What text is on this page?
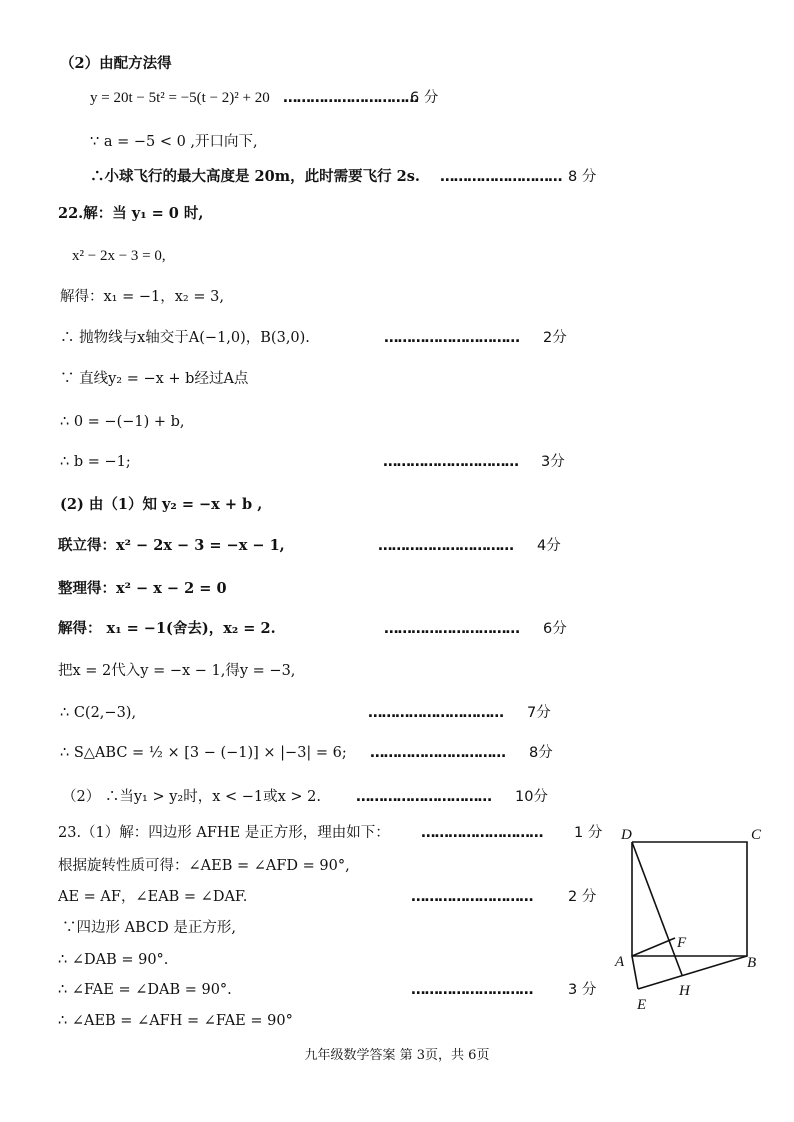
（2）由配方法得
y = 20t − 5t² = −5(t − 2)² + 20
∵ a = −5 < 0 ,开口向下,
∴小球飞行的最大高度是 20m，此时需要飞行 2s.
22.解：当 y₁ = 0 时,
x² − 2x − 3 = 0,
解得：x₁ = −1，x₂ = 3,
∴ 抛物线与x轴交于A(−1,0)，B(3,0).
∵ 直线y₂ = −x + b经过A点
∴ 0 = −(−1) + b,
∴ b = −1;
(2) 由（1）知 y₂ = −x + b ,
联立得：x² − 2x − 3 = −x − 1,
整理得：x² − x − 2 = 0
解得： x₁ = −1(舍去)，x₂ = 2.
把x = 2代入y = −x − 1,得y = −3,
∴ C(2,−3),
∴ S△ABC = ½ × [3 − (−1)] × |−3| = 6;
（2） ∴当y₁ > y₂时，x < −1或x > 2.
23.（1）解：四边形 AFHE 是正方形，理由如下：
根据旋转性质可得：∠AEB = ∠AFD = 90°,
AE = AF，∠EAB = ∠DAF.
∵四边形 ABCD 是正方形,
∴ ∠DAB = 90°.
∴ ∠FAE = ∠DAB = 90°.
∴ ∠AEB = ∠AFH = ∠FAE = 90°
…………………………
6 分
……………………… 8 分
………………………… 2分
………………………… 3分
………………………… 4分
………………………… 6分
………………………… 7分
………………………… 8分
………………………… 10分
……………………… 1 分
……………………… 2 分
……………………… 3 分
D	C
A	B
F
H
E
九年级数学答案 第 3页，共 6页
